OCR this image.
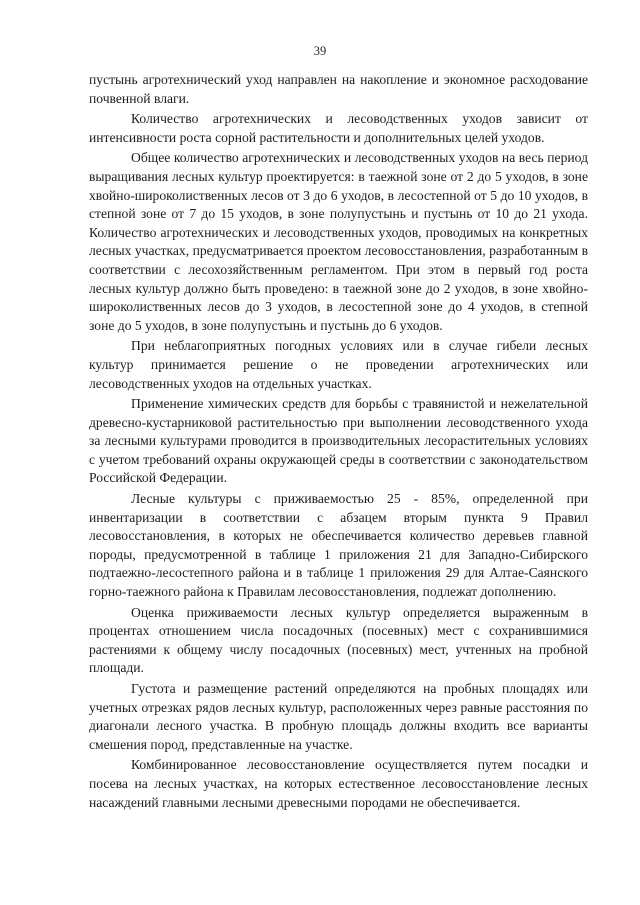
39

пустынь агротехнический уход направлен на накопление и экономное расходование почвенной влаги.

Количество агротехнических и лесоводственных уходов зависит от интенсивности роста сорной растительности и дополнительных целей уходов.

Общее количество агротехнических и лесоводственных уходов на весь период выращивания лесных культур проектируется: в таежной зоне от 2 до 5 уходов, в зоне хвойно-широколиственных лесов от 3 до 6 уходов, в лесостепной от 5 до 10 уходов, в степной зоне от 7 до 15 уходов, в зоне полупустынь и пустынь от 10 до 21 ухода. Количество агротехнических и лесоводственных уходов, проводимых на конкретных лесных участках, предусматривается проектом лесовосстановления, разработанным в соответствии с лесохозяйственным регламентом. При этом в первый год роста лесных культур должно быть проведено: в таежной зоне до 2 уходов, в зоне хвойно-широколиственных лесов до 3 уходов, в лесостепной зоне до 4 уходов, в степной зоне до 5 уходов, в зоне полупустынь и пустынь до 6 уходов.

При неблагоприятных погодных условиях или в случае гибели лесных культур принимается решение о не проведении агротехнических или лесоводственных уходов на отдельных участках.

Применение химических средств для борьбы с травянистой и нежелательной древесно-кустарниковой растительностью при выполнении лесоводственного ухода за лесными культурами проводится в производительных лесорастительных условиях с учетом требований охраны окружающей среды в соответствии с законодательством Российской Федерации.

Лесные культуры с приживаемостью 25 - 85%, определенной при инвентаризации в соответствии с абзацем вторым пункта 9 Правил лесовосстановления, в которых не обеспечивается количество деревьев главной породы, предусмотренной в таблице 1 приложения 21 для Западно-Сибирского подтаежно-лесостепного района и в таблице 1 приложения 29 для Алтае-Саянского горно-таежного района к Правилам лесовосстановления, подлежат дополнению.

Оценка приживаемости лесных культур определяется выраженным в процентах отношением числа посадочных (посевных) мест с сохранившимися растениями к общему числу посадочных (посевных) мест, учтенных на пробной площади.

Густота и размещение растений определяются на пробных площадях или учетных отрезках рядов лесных культур, расположенных через равные расстояния по диагонали лесного участка. В пробную площадь должны входить все варианты смешения пород, представленные на участке.

Комбинированное лесовосстановление осуществляется путем посадки и посева на лесных участках, на которых естественное лесовосстановление лесных насаждений главными лесными древесными породами не обеспечивается.
